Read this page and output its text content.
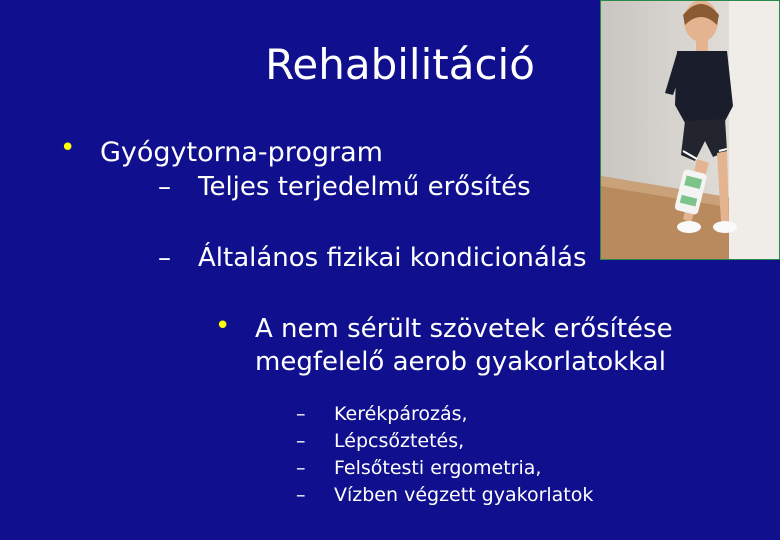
Rehabilitáció
• Gyógytorna-program
– Teljes terjedelmű erősítés
– Általános fizikai kondicionálás
• A nem sérült szövetek erősítése
megfelelő aerob gyakorlatokkal
– Kerékpározás,
– Lépcsőztetés,
– Felsőtesti ergometria,
– Vízben végzett gyakorlatok
